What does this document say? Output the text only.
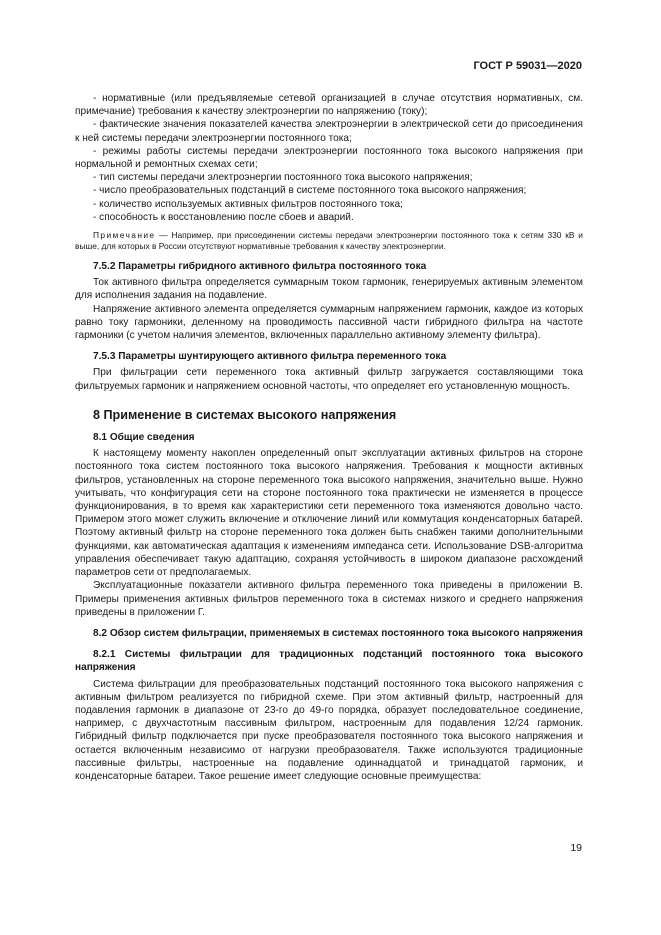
ГОСТ Р 59031—2020

- нормативные (или предъявляемые сетевой организацией в случае отсутствия нормативных, см. примечание) требования к качеству электроэнергии по напряжению (току);

- фактические значения показателей качества электроэнергии в электрической сети до присоединения к ней системы передачи электроэнергии постоянного тока;

- режимы работы системы передачи электроэнергии постоянного тока высокого напряжения при нормальной и ремонтных схемах сети;

- тип системы передачи электроэнергии постоянного тока высокого напряжения;

- число преобразовательных подстанций в системе постоянного тока высокого напряжения;

- количество используемых активных фильтров постоянного тока;

- способность к восстановлению после сбоев и аварий.

Примечание — Например, при присоединении системы передачи электроэнергии постоянного тока к сетям 330 кВ и выше, для которых в России отсутствуют нормативные требования к качеству электроэнергии.

7.5.2 Параметры гибридного активного фильтра постоянного тока

Ток активного фильтра определяется суммарным током гармоник, генерируемых активным элементом для исполнения задания на подавление.

Напряжение активного элемента определяется суммарным напряжением гармоник, каждое из которых равно току гармоники, деленному на проводимость пассивной части гибридного фильтра на частоте гармоники (с учетом наличия элементов, включенных параллельно активному элементу фильтра).

7.5.3 Параметры шунтирующего активного фильтра переменного тока

При фильтрации сети переменного тока активный фильтр загружается составляющими тока фильтруемых гармоник и напряжением основной частоты, что определяет его установленную мощность.

8 Применение в системах высокого напряжения
8.1 Общие сведения

К настоящему моменту накоплен определенный опыт эксплуатации активных фильтров на стороне постоянного тока систем постоянного тока высокого напряжения. Требования к мощности активных фильтров, установленных на стороне переменного тока высокого напряжения, значительно выше. Нужно учитывать, что конфигурация сети на стороне постоянного тока практически не изменяется в процессе функционирования, в то время как характеристики сети переменного тока изменяются довольно часто. Примером этого может служить включение и отключение линий или коммутация конденсаторных батарей. Поэтому активный фильтр на стороне переменного тока должен быть снабжен такими дополнительными функциями, как автоматическая адаптация к изменениям импеданса сети. Использование DSB-алгоритма управления обеспечивает такую адаптацию, сохраняя устойчивость в широком диапазоне расхождений параметров сети от предполагаемых.

Эксплуатационные показатели активного фильтра переменного тока приведены в приложении В. Примеры применения активных фильтров переменного тока в системах низкого и среднего напряжения приведены в приложении Г.

8.2 Обзор систем фильтрации, применяемых в системах постоянного тока высокого напряжения
8.2.1 Системы фильтрации для традиционных подстанций постоянного тока высокого напряжения

Система фильтрации для преобразовательных подстанций постоянного тока высокого напряжения с активным фильтром реализуется по гибридной схеме. При этом активный фильтр, настроенный для подавления гармоник в диапазоне от 23-го до 49-го порядка, образует последовательное соединение, например, с двухчастотным пассивным фильтром, настроенным для подавления 12/24 гармоник. Гибридный фильтр подключается при пуске преобразователя постоянного тока высокого напряжения и остается включенным независимо от нагрузки преобразователя. Также используются традиционные пассивные фильтры, настроенные на подавление одиннадцатой и тринадцатой гармоник, и конденсаторные батареи. Такое решение имеет следующие основные преимущества:

19
